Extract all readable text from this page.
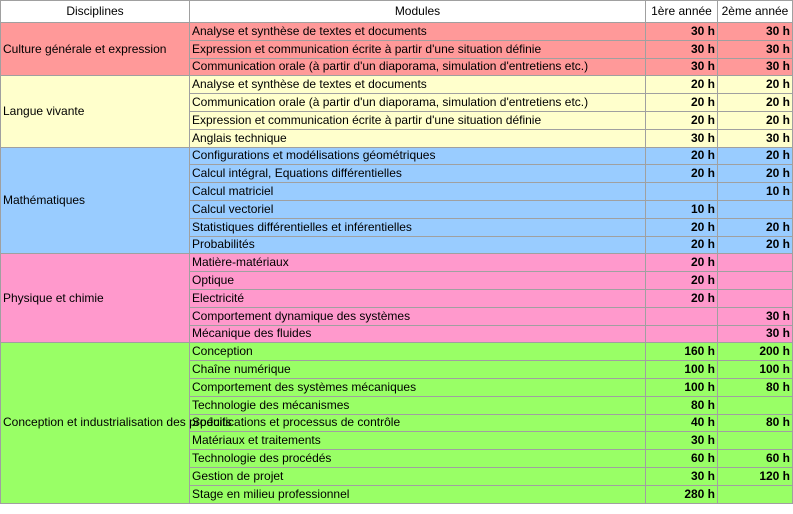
Disciplines	Modules	1ère année	2ème année
Culture générale et expression	Analyse et synthèse de textes et documents	30 h	30 h
	Expression et communication écrite à partir d'une situation définie	30 h	30 h
	Communication orale (à partir d'un diaporama, simulation d'entretiens etc.)	30 h	30 h
Langue vivante	Analyse et synthèse de textes et documents	20 h	20 h
	Communication orale (à partir d'un diaporama, simulation d'entretiens etc.)	20 h	20 h
	Expression et communication écrite à partir d'une situation définie	20 h	20 h
	Anglais technique	30 h	30 h
Mathématiques	Configurations et modélisations géométriques	20 h	20 h
	Calcul intégral, Equations différentielles	20 h	20 h
	Calcul matriciel		10 h
	Calcul vectoriel	10 h	
	Statistiques différentielles et inférentielles	20 h	20 h
	Probabilités	20 h	20 h
Physique et chimie	Matière-matériaux	20 h	
	Optique	20 h	
	Electricité	20 h	
	Comportement dynamique des systèmes		30 h
	Mécanique des fluides		30 h
Conception et industrialisation des produits	Conception	160 h	200 h
	Chaîne numérique	100 h	100 h
	Comportement des systèmes mécaniques	100 h	80 h
	Technologie des mécanismes	80 h	
	Spécifications et processus de contrôle	40 h	80 h
	Matériaux et traitements	30 h	
	Technologie des procédés	60 h	60 h
	Gestion de projet	30 h	120 h
	Stage en milieu professionnel	280 h	
